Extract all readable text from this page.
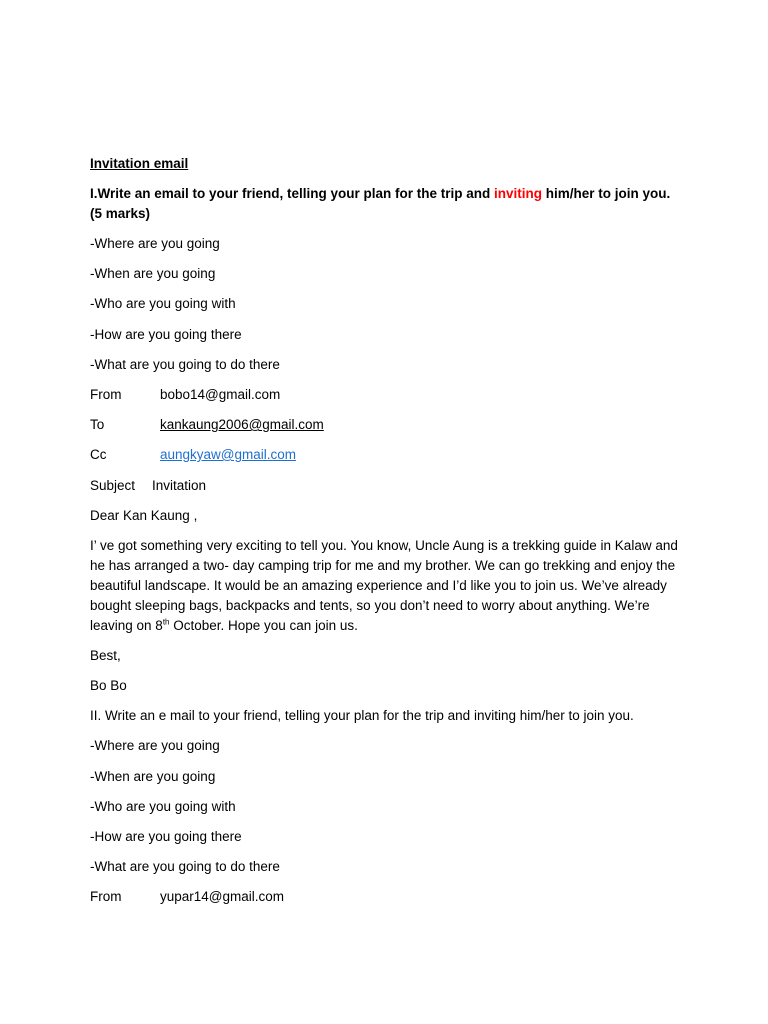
Invitation email
I.Write an email to your friend, telling your plan for the trip and inviting him/her to join you.
(5 marks)
-Where are you going
-When are you going
-Who are you going with
-How are you going there
-What are you going to do there
From	bobo14@gmail.com
To	kankaung2006@gmail.com
Cc	aungkyaw@gmail.com
Subject Invitation
Dear Kan Kaung ,
I’ ve got something very exciting to tell you. You know, Uncle Aung is a trekking guide in Kalaw and he has arranged a two- day camping trip for me and my brother. We can go trekking and enjoy the beautiful landscape. It would be an amazing experience and I’d like you to join us. We’ve already bought sleeping bags, backpacks and tents, so you don’t need to worry about anything. We’re leaving on 8th October. Hope you can join us.
Best,
Bo Bo
II. Write an e mail to your friend, telling your plan for the trip and inviting him/her to join you.
-Where are you going
-When are you going
-Who are you going with
-How are you going there
-What are you going to do there
From	yupar14@gmail.com
